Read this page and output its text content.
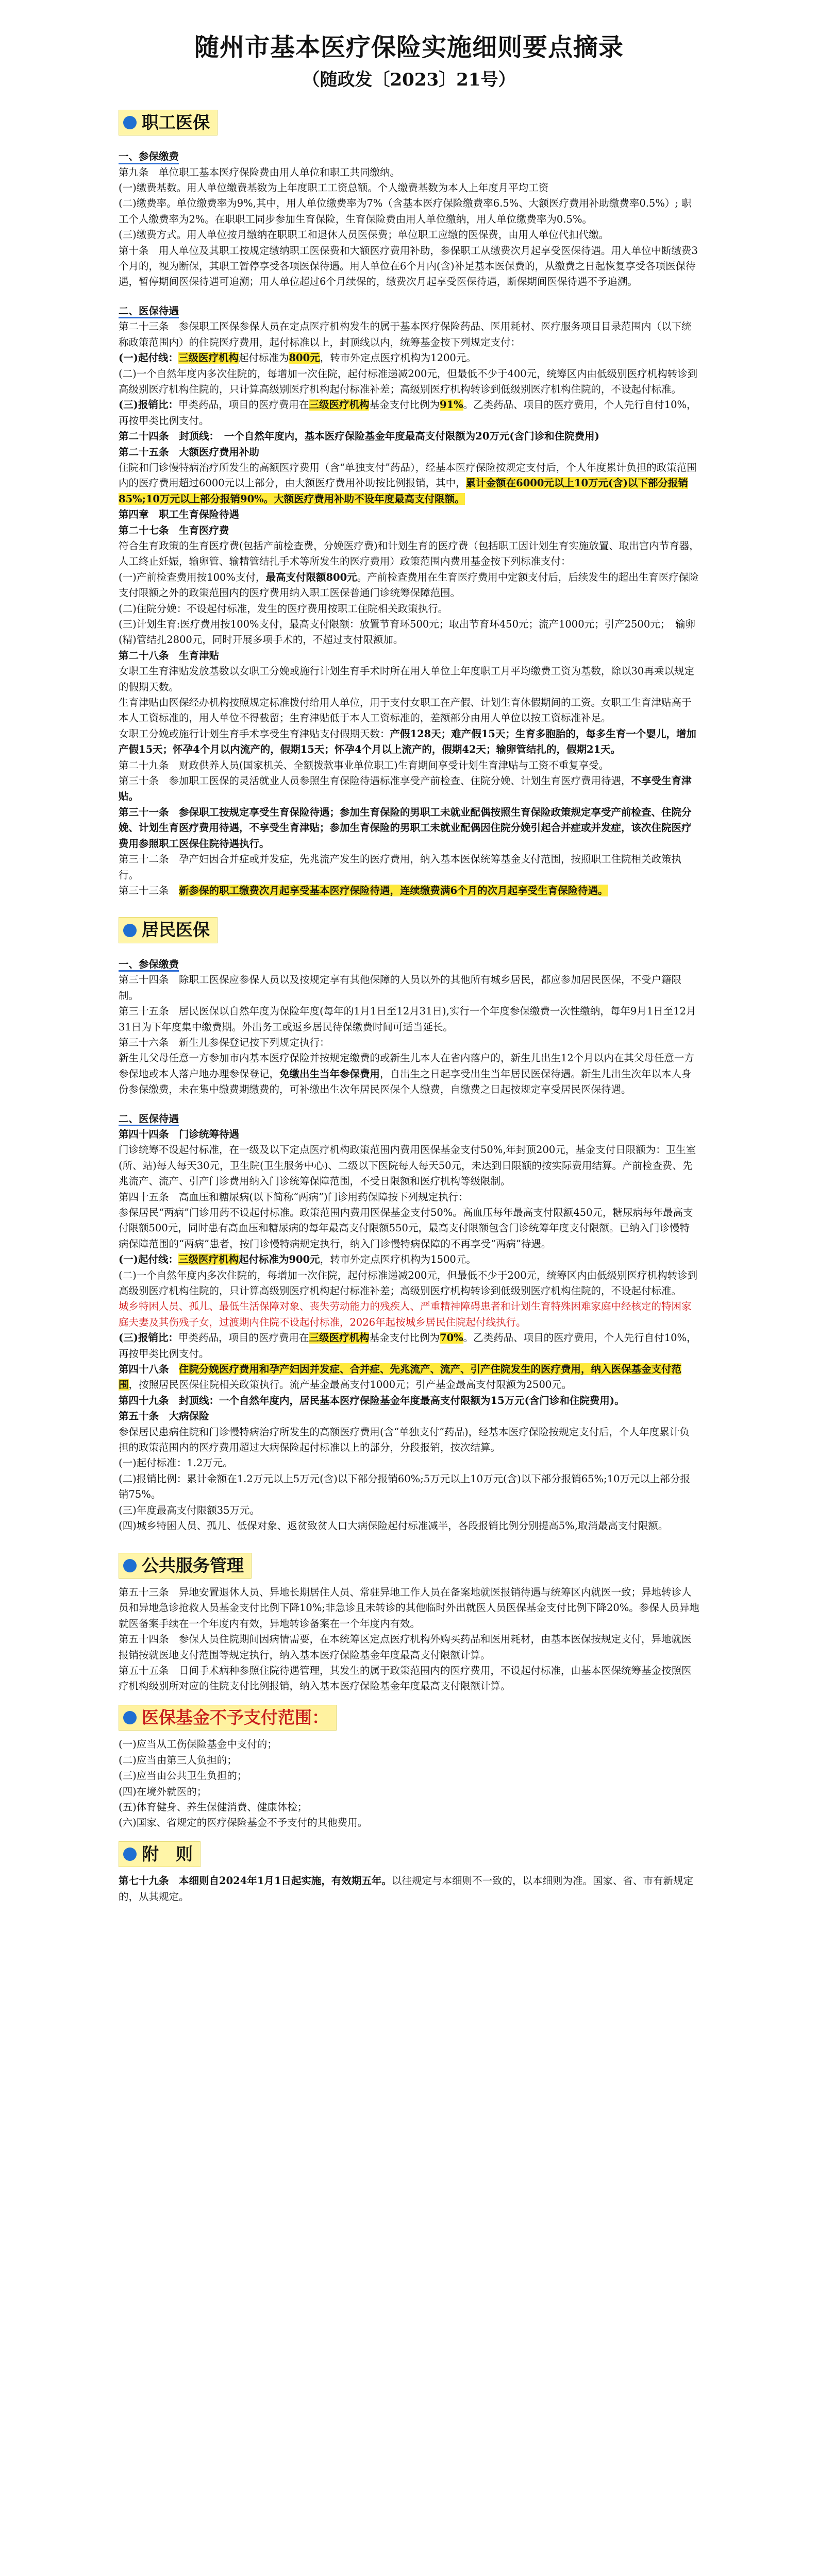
随州市基本医疗保险实施细则要点摘录
（随政发〔2023〕21号）
职工医保
一、参保缴费

第九条　单位职工基本医疗保险费由用人单位和职工共同缴纳。

(一)缴费基数。用人单位缴费基数为上年度职工工资总额。个人缴费基数为本人上年度月平均工资

(二)缴费率。单位缴费率为9%,其中，用人单位缴费率为7%（含基本医疗保险缴费率6.5%、大额医疗费用补助缴费率0.5%）; 职工个人缴费率为2%。在职职工同步参加生育保险，生育保险费由用人单位缴纳，用人单位缴费率为0.5%。

(三)缴费方式。用人单位按月缴纳在职职工和退休人员医保费；单位职工应缴的医保费，由用人单位代扣代缴。

第十条　用人单位及其职工按规定缴纳职工医保费和大额医疗费用补助，参保职工从缴费次月起享受医保待遇。用人单位中断缴费3个月的，视为断保，其职工暂停享受各项医保待遇。用人单位在6个月内(含)补足基本医保费的，从缴费之日起恢复享受各项医保待遇，暂停期间医保待遇可追溯；用人单位超过6个月续保的，缴费次月起享受医保待遇，断保期间医保待遇不予追溯。

二、医保待遇

第二十三条　参保职工医保参保人员在定点医疗机构发生的属于基本医疗保险药品、医用耗材、医疗服务项目目录范围内（以下统称政策范围内）的住院医疗费用，起付标准以上，封顶线以内，统筹基金按下列规定支付：

(一)起付线：三级医疗机构起付标准为800元，转市外定点医疗机构为1200元。

(二)一个自然年度内多次住院的，每增加一次住院，起付标准递减200元，但最低不少于400元，统筹区内由低级别医疗机构转诊到高级别医疗机构住院的，只计算高级别医疗机构起付标准补差；高级别医疗机构转诊到低级别医疗机构住院的，不设起付标准。

(三)报销比：甲类药品，项目的医疗费用在三级医疗机构基金支付比例为91%。乙类药品、项目的医疗费用，个人先行自付10%，再按甲类比例支付。

第二十四条　封顶线：　一个自然年度内，基本医疗保险基金年度最高支付限额为20万元(含门诊和住院费用)

第二十五条　大额医疗费用补助

住院和门诊慢特病治疗所发生的高额医疗费用（含“单独支付”药品），经基本医疗保险按规定支付后，个人年度累计负担的政策范围内的医疗费用超过6000元以上部分，由大额医疗费用补助按比例报销，其中，累计金额在6000元以上10万元(含)以下部分报销85%;10万元以上部分报销90%。大额医疗费用补助不设年度最高支付限额。

第四章　职工生育保险待遇

第二十七条　生育医疗费

符合生育政策的生育医疗费(包括产前检查费，分娩医疗费)和计划生育的医疗费（包括职工因计划生育实施放置、取出宫内节育器，人工终止妊娠，输卵管、输精管结扎手术等所发生的医疗费用）政策范围内费用基金按下列标准支付：

(一)产前检查费用按100%支付，最高支付限额800元。产前检查费用在生育医疗费用中定额支付后，后续发生的超出生育医疗保险支付限额之外的政策范围内的医疗费用纳入职工医保普通门诊统筹保障范围。

(二)住院分娩：不设起付标准，发生的医疗费用按职工住院相关政策执行。

(三)计划生育:医疗费用按100%支付，最高支付限额：放置节育环500元；取出节育环450元；流产1000元；引产2500元；　输卵(精)管结扎2800元，同时开展多项手术的，不超过支付限额加。

第二十八条　生育津贴

女职工生育津贴发放基数以女职工分娩或施行计划生育手术时所在用人单位上年度职工月平均缴费工资为基数，除以30再乘以规定的假期天数。

生育津贴由医保经办机构按照规定标准拨付给用人单位，用于支付女职工在产假、计划生育休假期间的工资。女职工生育津贴高于本人工资标准的，用人单位不得截留；生育津贴低于本人工资标准的，差额部分由用人单位以按工资标准补足。

女职工分娩或施行计划生育手术享受生育津贴支付假期天数：产假128天；难产假15天；生育多胞胎的，每多生育一个婴儿，增加产假15天；怀孕4个月以内流产的，假期15天；怀孕4个月以上流产的，假期42天；输卵管结扎的，假期21天。

第二十九条　财政供养人员(国家机关、全额拨款事业单位职工)生育期间享受计划生育津贴与工资不重复享受。

第三十条　参加职工医保的灵活就业人员参照生育保险待遇标准享受产前检查、住院分娩、计划生育医疗费用待遇，不享受生育津贴。

第三十一条　参保职工按规定享受生育保险待遇；参加生育保险的男职工未就业配偶按照生育保险政策规定享受产前检查、住院分娩、计划生育医疗费用待遇，不享受生育津贴；参加生育保险的男职工未就业配偶因住院分娩引起合并症或并发症，该次住院医疗费用参照职工医保住院待遇执行。

第三十二条　孕产妇因合并症或并发症，先兆流产发生的医疗费用，纳入基本医保统筹基金支付范围，按照职工住院相关政策执行。

第三十三条　新参保的职工缴费次月起享受基本医疗保险待遇，连续缴费满6个月的次月起享受生育保险待遇。

居民医保
一、参保缴费

第三十四条　除职工医保应参保人员以及按规定享有其他保障的人员以外的其他所有城乡居民，都应参加居民医保，不受户籍限制。

第三十五条　居民医保以自然年度为保险年度(每年的1月1日至12月31日),实行一个年度参保缴费一次性缴纳，每年9月1日至12月31日为下年度集中缴费期。外出务工或返乡居民待保缴费时间可适当延长。

第三十六条　新生儿参保登记按下列规定执行：

新生儿父母任意一方参加市内基本医疗保险并按规定缴费的或新生儿本人在省内落户的，新生儿出生12个月以内在其父母任意一方参保地或本人落户地办理参保登记，免缴出生当年参保费用，自出生之日起享受出生当年居民医保待遇。新生儿出生次年以本人身份参保缴费，未在集中缴费期缴费的，可补缴出生次年居民医保个人缴费，自缴费之日起按规定享受居民医保待遇。

二、医保待遇

第四十四条　门诊统筹待遇

门诊统筹不设起付标准，在一级及以下定点医疗机构政策范围内费用医保基金支付50%,年封顶200元，基金支付日限额为：卫生室(所、站)每人每天30元，卫生院(卫生服务中心)、二级以下医院每人每天50元，未达到日限额的按实际费用结算。产前检查费、先兆流产、流产、引产门诊费用纳入门诊统筹保障范围，不受日限额和医疗机构等级限制。

第四十五条　高血压和糖尿病(以下简称“两病”)门诊用药保障按下列规定执行：

参保居民“两病”门诊用药不设起付标准。政策范围内费用医保基金支付50%。高血压每年最高支付限额450元，糖尿病每年最高支付限额500元，同时患有高血压和糖尿病的每年最高支付限额550元，最高支付限额包含门诊统筹年度支付限额。已纳入门诊慢特病保障范围的“两病”患者，按门诊慢特病规定执行，纳入门诊慢特病保障的不再享受“两病”待遇。

(一)起付线：三级医疗机构起付标准为900元，转市外定点医疗机构为1500元。

(二)一个自然年度内多次住院的，每增加一次住院，起付标准递减200元，但最低不少于200元，统筹区内由低级别医疗机构转诊到高级别医疗机构住院的，只计算高级别医疗机构起付标准补差；高级别医疗机构转诊到低级别医疗机构住院的，不设起付标准。

城乡特困人员、孤儿、最低生活保障对象、丧失劳动能力的残疾人、严重精神障碍患者和计划生育特殊困难家庭中经核定的特困家庭夫妻及其伤残子女，过渡期内住院不设起付标准，2026年起按城乡居民住院起付线执行。

(三)报销比：甲类药品，项目的医疗费用在三级医疗机构基金支付比例为70%。乙类药品、项目的医疗费用，个人先行自付10%，再按甲类比例支付。

第四十八条　住院分娩医疗费用和孕产妇因并发症、合并症、先兆流产、流产、引产住院发生的医疗费用，纳入医保基金支付范围，按照居民医保住院相关政策执行。流产基金最高支付1000元；引产基金最高支付限额为2500元。

第四十九条　封顶线：一个自然年度内，居民基本医疗保险基金年度最高支付限额为15万元(含门诊和住院费用)。

第五十条　大病保险

参保居民患病住院和门诊慢特病治疗所发生的高额医疗费用(含“单独支付”药品)，经基本医疗保险按规定支付后，个人年度累计负担的政策范围内的医疗费用超过大病保险起付标准以上的部分，分段报销，按次结算。

(一)起付标准：1.2万元。

(二)报销比例：累计金额在1.2万元以上5万元(含)以下部分报销60%;5万元以上10万元(含)以下部分报销65%;10万元以上部分报销75%。

(三)年度最高支付限额35万元。

(四)城乡特困人员、孤儿、低保对象、返贫致贫人口大病保险起付标准减半，各段报销比例分别提高5%,取消最高支付限额。

公共服务管理

第五十三条　异地安置退休人员、异地长期居住人员、常驻异地工作人员在备案地就医报销待遇与统筹区内就医一致；异地转诊人员和异地急诊抢救人员基金支付比例下降10%;非急诊且未转诊的其他临时外出就医人员医保基金支付比例下降20%。参保人员异地就医备案手续在一个年度内有效，异地转诊备案在一个年度内有效。

第五十四条　参保人员住院期间因病情需要，在本统筹区定点医疗机构外购买药品和医用耗材，由基本医保按规定支付，异地就医报销按就医地支付范围等规定执行，纳入基本医疗保险基金年度最高支付限额计算。

第五十五条　日间手术病种参照住院待遇管理，其发生的属于政策范围内的医疗费用，不设起付标准，由基本医保统筹基金按照医疗机构级别所对应的住院支付比例报销，纳入基本医疗保险基金年度最高支付限额计算。

医保基金不予支付范围：

(一)应当从工伤保险基金中支付的；

(二)应当由第三人负担的；

(三)应当由公共卫生负担的；

(四)在境外就医的；

(五)体育健身、养生保健消费、健康体检；

(六)国家、省规定的医疗保险基金不予支付的其他费用。

附　则

第七十九条　本细则自2024年1月1日起实施，有效期五年。以往规定与本细则不一致的，以本细则为准。国家、省、市有新规定的，从其规定。
